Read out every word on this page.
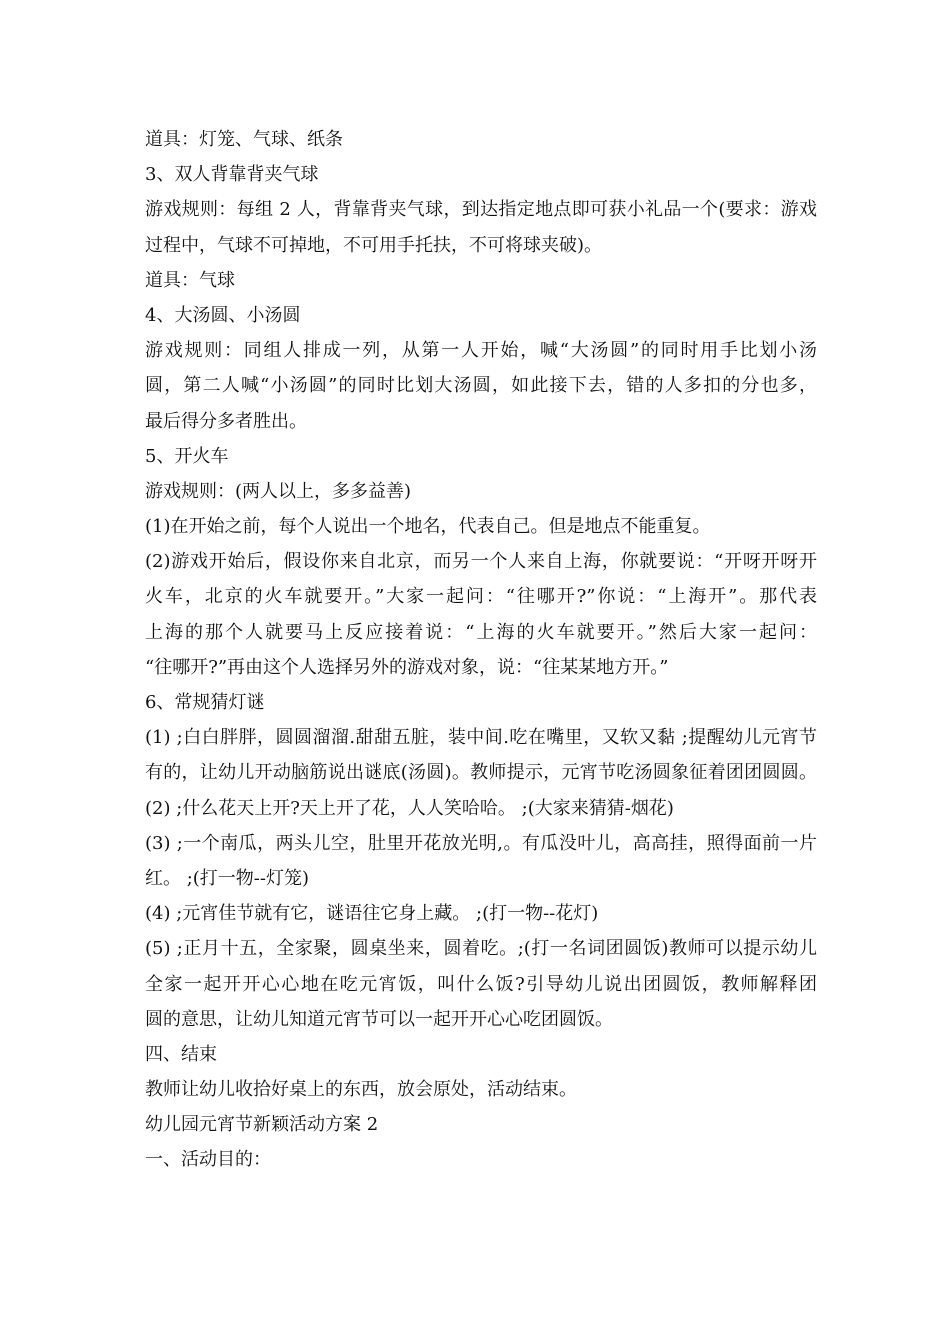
道具：灯笼、气球、纸条
3、双人背靠背夹气球
游戏规则：每组 2 人，背靠背夹气球，到达指定地点即可获小礼品一个(要求：游戏
过程中，气球不可掉地，不可用手托扶，不可将球夹破)。
道具：气球
4、大汤圆、小汤圆
游戏规则：同组人排成一列，从第一人开始，喊“大汤圆”的同时用手比划小汤
圆，第二人喊“小汤圆”的同时比划大汤圆，如此接下去，错的人多扣的分也多，
最后得分多者胜出。
5、开火车
游戏规则：(两人以上，多多益善)
(1)在开始之前，每个人说出一个地名，代表自己。但是地点不能重复。
(2)游戏开始后，假设你来自北京，而另一个人来自上海，你就要说：“开呀开呀开
火车，北京的火车就要开。”大家一起问：“往哪开?”你说：“上海开”。那代表
上海的那个人就要马上反应接着说：“上海的火车就要开。”然后大家一起问：
“往哪开?”再由这个人选择另外的游戏对象，说：“往某某地方开。”
6、常规猜灯谜
(1) ;白白胖胖，圆圆溜溜.甜甜五脏，装中间.吃在嘴里，又软又黏 ;提醒幼儿元宵节
有的，让幼儿开动脑筋说出谜底(汤圆)。教师提示，元宵节吃汤圆象征着团团圆圆。
(2) ;什么花天上开?天上开了花，人人笑哈哈。 ;(大家来猜猜-烟花)
(3) ;一个南瓜，两头儿空，肚里开花放光明,。有瓜没叶儿，高高挂，照得面前一片
红。 ;(打一物--灯笼)
(4) ;元宵佳节就有它，谜语往它身上藏。 ;(打一物--花灯)
(5) ;正月十五，全家聚，圆桌坐来，圆着吃。;(打一名词团圆饭)教师可以提示幼儿
全家一起开开心心地在吃元宵饭，叫什么饭?引导幼儿说出团圆饭，教师解释团
圆的意思，让幼儿知道元宵节可以一起开开心心吃团圆饭。
四、结束
教师让幼儿收拾好桌上的东西，放会原处，活动结束。
幼儿园元宵节新颖活动方案 2
一、活动目的：
